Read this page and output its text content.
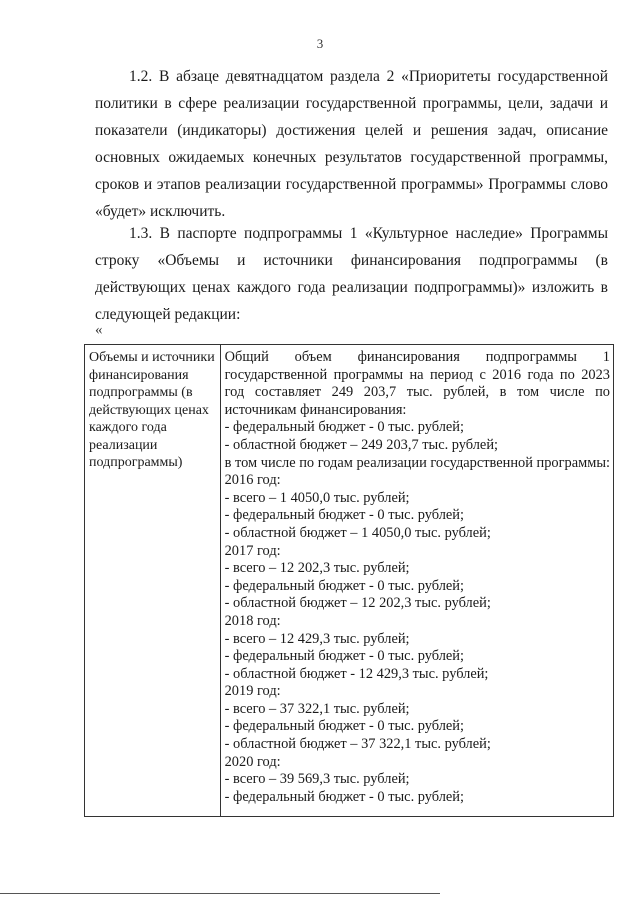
3

1.2. В абзаце девятнадцатом раздела 2 «Приоритеты государственной политики в сфере реализации государственной программы, цели, задачи и показатели (индикаторы) достижения целей и решения задач, описание основных ожидаемых конечных результатов государственной программы, сроков и этапов реализации государственной программы» Программы слово «будет» исключить.

1.3. В паспорте подпрограммы 1 «Культурное наследие» Программы строку «Объемы и источники финансирования подпрограммы (в действующих ценах каждого года реализации подпрограммы)» изложить в следующей редакции:

«
Объемы и источники финансирования подпрограммы (в действующих ценах каждого года реализации подпрограммы)	
Общий объем финансирования подпрограммы 1 государственной программы на период с 2016 года по 2023 год составляет 249 203,7 тыс. рублей, в том числе по источникам финансирования:
- федеральный бюджет - 0 тыс. рублей;
- областной бюджет – 249 203,7 тыс. рублей;
в том числе по годам реализации государственной программы:
2016 год:
- всего – 1 4050,0 тыс. рублей;
- федеральный бюджет - 0 тыс. рублей;
- областной бюджет – 1 4050,0 тыс. рублей;
2017 год:
- всего – 12 202,3 тыс. рублей;
- федеральный бюджет - 0 тыс. рублей;
- областной бюджет – 12 202,3 тыс. рублей;
2018 год:
- всего – 12 429,3 тыс. рублей;
- федеральный бюджет - 0 тыс. рублей;
- областной бюджет - 12 429,3 тыс. рублей;
2019 год:
- всего – 37 322,1 тыс. рублей;
- федеральный бюджет - 0 тыс. рублей;
- областной бюджет – 37 322,1 тыс. рублей;
2020 год:
- всего – 39 569,3 тыс. рублей;
- федеральный бюджет - 0 тыс. рублей;
